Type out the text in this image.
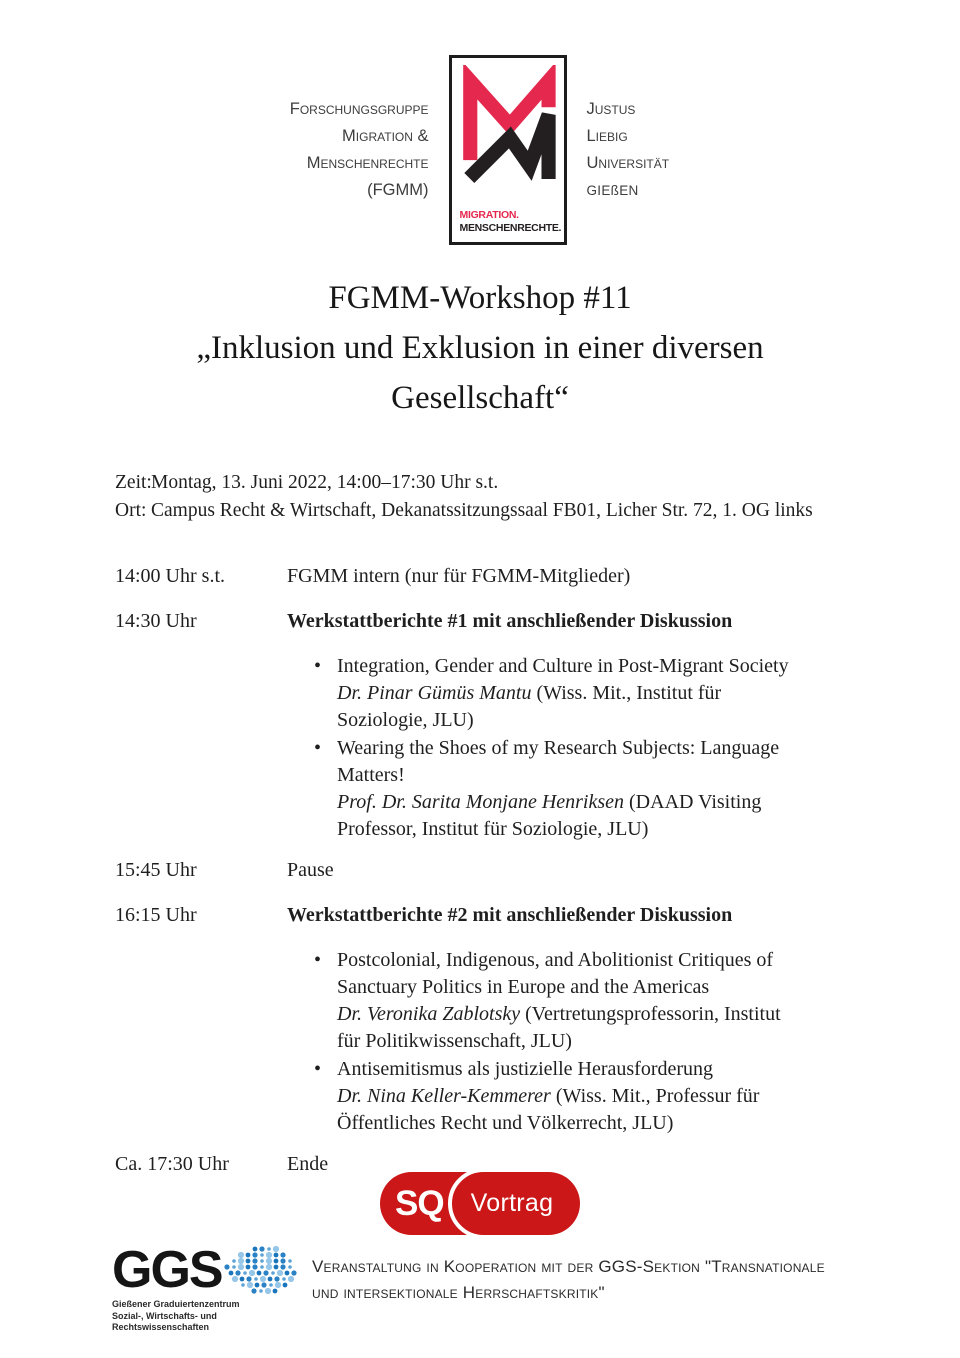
Forschungsgruppe
Migration &
Menschenrechte
(FGMM)
MIGRATION.
MENSCHENRECHTE.
Justus
Liebig
Universität
GIEßEN
FGMM-Workshop #11
„Inklusion und Exklusion in einer diversen
Gesellschaft“
Zeit: Montag, 13. Juni 2022, 14:00–17:30 Uhr s.t.
Ort: Campus Recht & Wirtschaft, Dekanatssitzungssaal FB01, Licher Str. 72, 1. OG links
14:00 Uhr s.t.	FGMM intern (nur für FGMM-Mitglieder)
14:30 Uhr	Werkstattberichte #1 mit anschließender Diskussion
• Integration, Gender and Culture in Post-Migrant Society
Dr. Pinar Gümüs Mantu (Wiss. Mit., Institut für Soziologie, JLU)
• Wearing the Shoes of my Research Subjects: Language Matters!
Prof. Dr. Sarita Monjane Henriksen (DAAD Visiting Professor, Institut für Soziologie, JLU)
15:45 Uhr	Pause
16:15 Uhr	Werkstattberichte #2 mit anschließender Diskussion
• Postcolonial, Indigenous, and Abolitionist Critiques of Sanctuary Politics in Europe and the Americas
Dr. Veronika Zablotsky (Vertretungsprofessorin, Institut für Politikwissenschaft, JLU)
• Antisemitismus als justizielle Herausforderung
Dr. Nina Keller-Kemmerer (Wiss. Mit., Professur für Öffentliches Recht und Völkerrecht, JLU)
Ca. 17:30 Uhr	Ende
SQ Vortrag
GGS
Gießener Graduiertenzentrum
Sozial-, Wirtschafts- und Rechtswissenschaften
Veranstaltung in Kooperation mit der GGS-Sektion "Transnationale
und intersektionale Herrschaftskritik"
